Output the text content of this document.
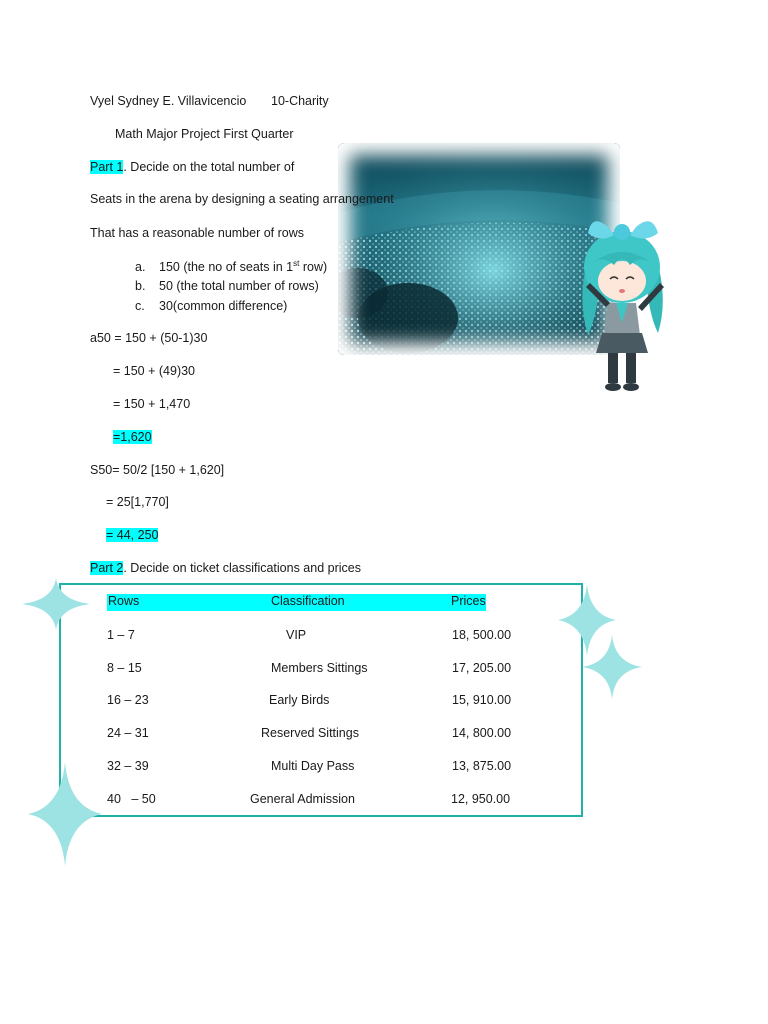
Vyel Sydney E. Villavicencio 10-Charity
Math Major Project First Quarter
Part 1. Decide on the total number of
Seats in the arena by designing a seating arrangement
That has a reasonable number of rows
a. 150 (the no of seats in 1st row)
b. 50 (the total number of rows)
c. 30(common difference)
a50 = 150 + (50-1)30
= 150 + (49)30
= 150 + 1,470
=1,620
S50= 50/2 [150 + 1,620]
= 25[1,770]
= 44, 250
Part 2. Decide on ticket classifications and prices
Rows	Classification	Prices
1 – 7	VIP	18, 500.00
8 – 15	Members Sittings	17, 205.00
16 – 23	Early Birds	15, 910.00
24 – 31	Reserved Sittings	14, 800.00
32 – 39	Multi Day Pass	13, 875.00
40   – 50	General Admission	12, 950.00
